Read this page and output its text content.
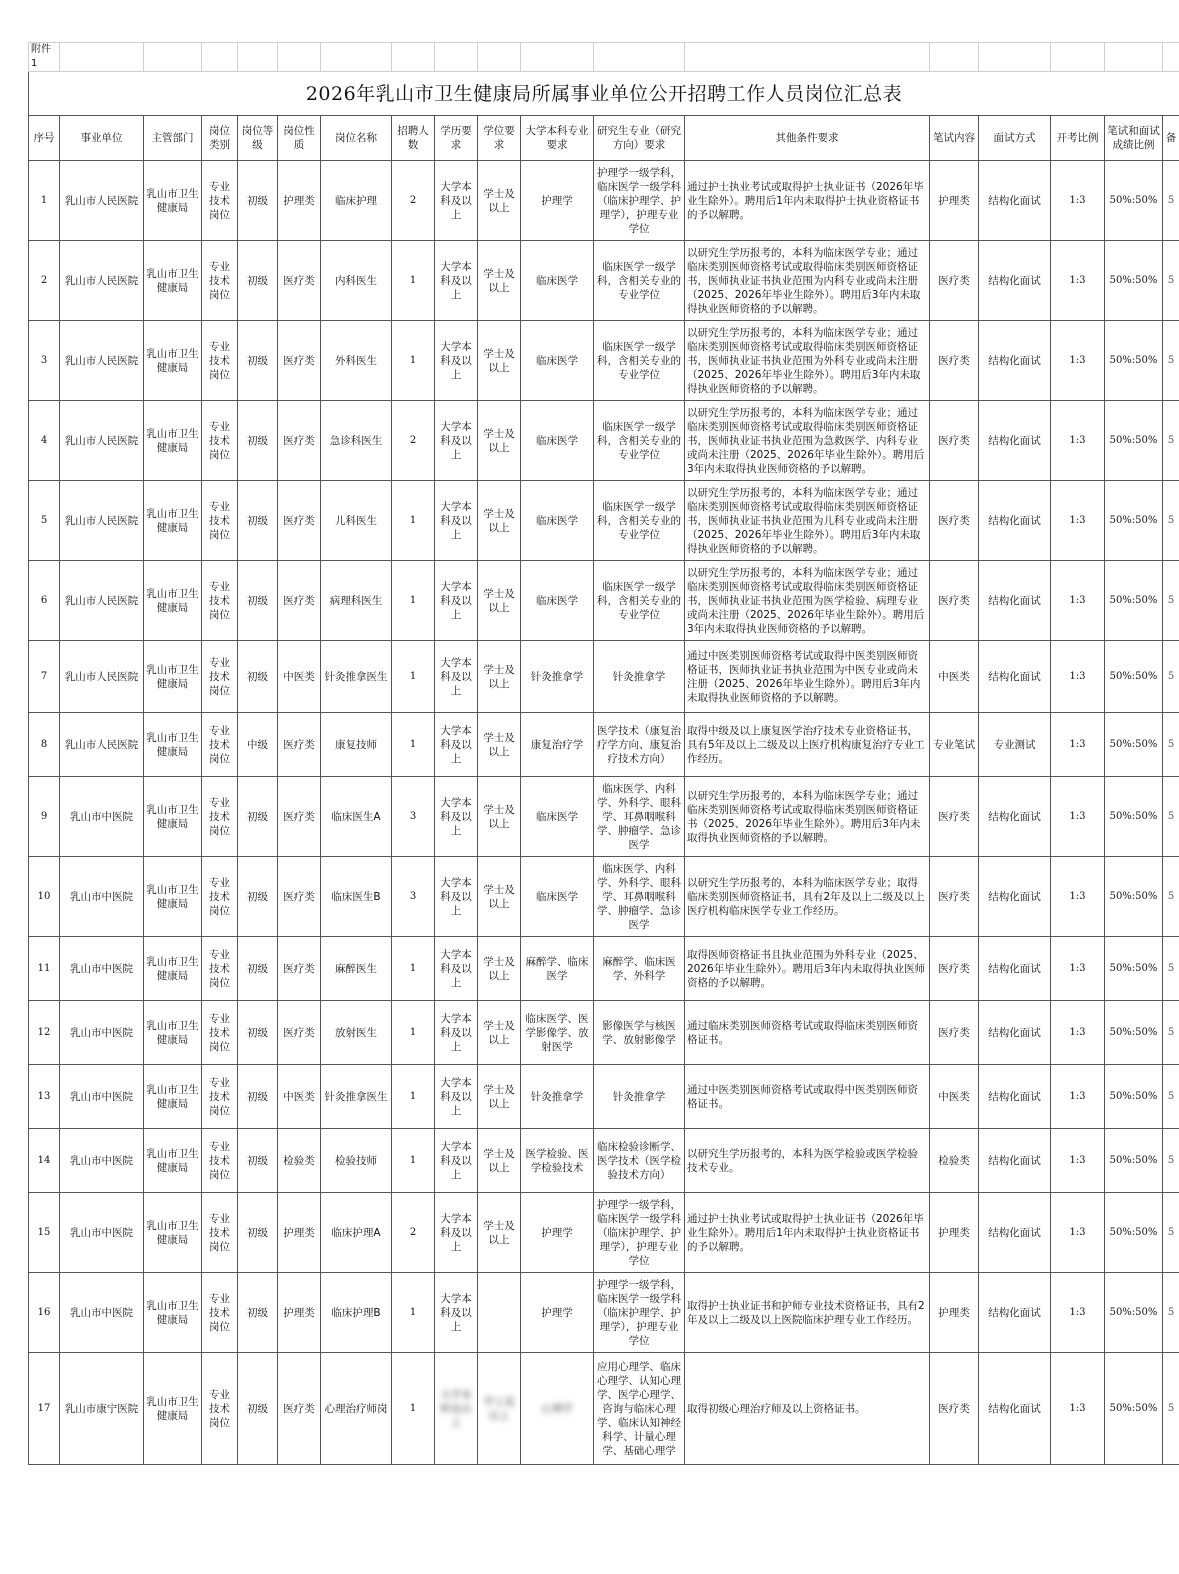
附件1																	
2026年乳山市卫生健康局所属事业单位公开招聘工作人员岗位汇总表																	
序号	事业单位	主管部门	岗位类别	岗位等级	岗位性质	岗位名称	招聘人数	学历要求	学位要求	大学本科专业要求	研究生专业（研究方向）要求	其他条件要求	笔试内容	面试方式	开考比例	笔试和面试成绩比例	备
1	乳山市人民医院	乳山市卫生健康局	专业技术岗位	初级	护理类	临床护理	2	大学本科及以上	学士及以上	护理学	护理学一级学科，临床医学一级学科（临床护理学、护理学），护理专业学位	通过护士执业考试或取得护士执业证书（2026年毕业生除外）。聘用后1年内未取得护士执业资格证书的予以解聘。	护理类	结构化面试	1:3	50%:50%	5
2	乳山市人民医院	乳山市卫生健康局	专业技术岗位	初级	医疗类	内科医生	1	大学本科及以上	学士及以上	临床医学	临床医学一级学科，含相关专业的专业学位	以研究生学历报考的，本科为临床医学专业；通过临床类别医师资格考试或取得临床类别医师资格证书，医师执业证书执业范围为内科专业或尚未注册（2025、2026年毕业生除外）。聘用后3年内未取得执业医师资格的予以解聘。	医疗类	结构化面试	1:3	50%:50%	5
3	乳山市人民医院	乳山市卫生健康局	专业技术岗位	初级	医疗类	外科医生	1	大学本科及以上	学士及以上	临床医学	临床医学一级学科，含相关专业的专业学位	以研究生学历报考的，本科为临床医学专业；通过临床类别医师资格考试或取得临床类别医师资格证书，医师执业证书执业范围为外科专业或尚未注册（2025、2026年毕业生除外）。聘用后3年内未取得执业医师资格的予以解聘。	医疗类	结构化面试	1:3	50%:50%	5
4	乳山市人民医院	乳山市卫生健康局	专业技术岗位	初级	医疗类	急诊科医生	2	大学本科及以上	学士及以上	临床医学	临床医学一级学科，含相关专业的专业学位	以研究生学历报考的，本科为临床医学专业；通过临床类别医师资格考试或取得临床类别医师资格证书，医师执业证书执业范围为急救医学、内科专业或尚未注册（2025、2026年毕业生除外）。聘用后3年内未取得执业医师资格的予以解聘。	医疗类	结构化面试	1:3	50%:50%	5
5	乳山市人民医院	乳山市卫生健康局	专业技术岗位	初级	医疗类	儿科医生	1	大学本科及以上	学士及以上	临床医学	临床医学一级学科，含相关专业的专业学位	以研究生学历报考的，本科为临床医学专业；通过临床类别医师资格考试或取得临床类别医师资格证书，医师执业证书执业范围为儿科专业或尚未注册（2025、2026年毕业生除外）。聘用后3年内未取得执业医师资格的予以解聘。	医疗类	结构化面试	1:3	50%:50%	5
6	乳山市人民医院	乳山市卫生健康局	专业技术岗位	初级	医疗类	病理科医生	1	大学本科及以上	学士及以上	临床医学	临床医学一级学科，含相关专业的专业学位	以研究生学历报考的，本科为临床医学专业；通过临床类别医师资格考试或取得临床类别医师资格证书，医师执业证书执业范围为医学检验、病理专业或尚未注册（2025、2026年毕业生除外）。聘用后3年内未取得执业医师资格的予以解聘。	医疗类	结构化面试	1:3	50%:50%	5
7	乳山市人民医院	乳山市卫生健康局	专业技术岗位	初级	中医类	针灸推拿医生	1	大学本科及以上	学士及以上	针灸推拿学	针灸推拿学	通过中医类别医师资格考试或取得中医类别医师资格证书，医师执业证书执业范围为中医专业或尚未注册（2025、2026年毕业生除外）。聘用后3年内未取得执业医师资格的予以解聘。	中医类	结构化面试	1:3	50%:50%	5
8	乳山市人民医院	乳山市卫生健康局	专业技术岗位	中级	医疗类	康复技师	1	大学本科及以上	学士及以上	康复治疗学	医学技术（康复治疗学方向、康复治疗技术方向）	取得中级及以上康复医学治疗技术专业资格证书，具有5年及以上二级及以上医疗机构康复治疗专业工作经历。	专业笔试	专业测试	1:3	50%:50%	5
9	乳山市中医院	乳山市卫生健康局	专业技术岗位	初级	医疗类	临床医生A	3	大学本科及以上	学士及以上	临床医学	临床医学、内科学、外科学、眼科学、耳鼻咽喉科学、肿瘤学、急诊医学	以研究生学历报考的，本科为临床医学专业；通过临床类别医师资格考试或取得临床类别医师资格证书（2025、2026年毕业生除外）。聘用后3年内未取得执业医师资格的予以解聘。	医疗类	结构化面试	1:3	50%:50%	5
10	乳山市中医院	乳山市卫生健康局	专业技术岗位	初级	医疗类	临床医生B	3	大学本科及以上	学士及以上	临床医学	临床医学、内科学、外科学、眼科学、耳鼻咽喉科学、肿瘤学、急诊医学	以研究生学历报考的，本科为临床医学专业；取得临床类别医师资格证书，具有2年及以上二级及以上医疗机构临床医学专业工作经历。	医疗类	结构化面试	1:3	50%:50%	5
11	乳山市中医院	乳山市卫生健康局	专业技术岗位	初级	医疗类	麻醉医生	1	大学本科及以上	学士及以上	麻醉学、临床医学	麻醉学、临床医学、外科学	取得医师资格证书且执业范围为外科专业（2025、2026年毕业生除外）。聘用后3年内未取得执业医师资格的予以解聘。	医疗类	结构化面试	1:3	50%:50%	5
12	乳山市中医院	乳山市卫生健康局	专业技术岗位	初级	医疗类	放射医生	1	大学本科及以上	学士及以上	临床医学、医学影像学、放射医学	影像医学与核医学、放射影像学	通过临床类别医师资格考试或取得临床类别医师资格证书。	医疗类	结构化面试	1:3	50%:50%	5
13	乳山市中医院	乳山市卫生健康局	专业技术岗位	初级	中医类	针灸推拿医生	1	大学本科及以上	学士及以上	针灸推拿学	针灸推拿学	通过中医类别医师资格考试或取得中医类别医师资格证书。	中医类	结构化面试	1:3	50%:50%	5
14	乳山市中医院	乳山市卫生健康局	专业技术岗位	初级	检验类	检验技师	1	大学本科及以上	学士及以上	医学检验、医学检验技术	临床检验诊断学、医学技术（医学检验技术方向）	以研究生学历报考的，本科为医学检验或医学检验技术专业。	检验类	结构化面试	1:3	50%:50%	5
15	乳山市中医院	乳山市卫生健康局	专业技术岗位	初级	护理类	临床护理A	2	大学本科及以上	学士及以上	护理学	护理学一级学科，临床医学一级学科（临床护理学、护理学），护理专业学位	通过护士执业考试或取得护士执业证书（2026年毕业生除外）。聘用后1年内未取得护士执业资格证书的予以解聘。	护理类	结构化面试	1:3	50%:50%	5
16	乳山市中医院	乳山市卫生健康局	专业技术岗位	初级	护理类	临床护理B	1	大学本科及以上		护理学	护理学一级学科，临床医学一级学科（临床护理学、护理学），护理专业学位	取得护士执业证书和护师专业技术资格证书，具有2年及以上二级及以上医院临床护理专业工作经历。	护理类	结构化面试	1:3	50%:50%	5
17	乳山市康宁医院	乳山市卫生健康局	专业技术岗位	初级	医疗类	心理治疗师岗	1	大学本科及以上	学士及以上	心理学	应用心理学、临床心理学、认知心理学、医学心理学、咨询与临床心理学、临床认知神经科学、计量心理学、基础心理学	取得初级心理治疗师及以上资格证书。	医疗类	结构化面试	1:3	50%:50%	5
